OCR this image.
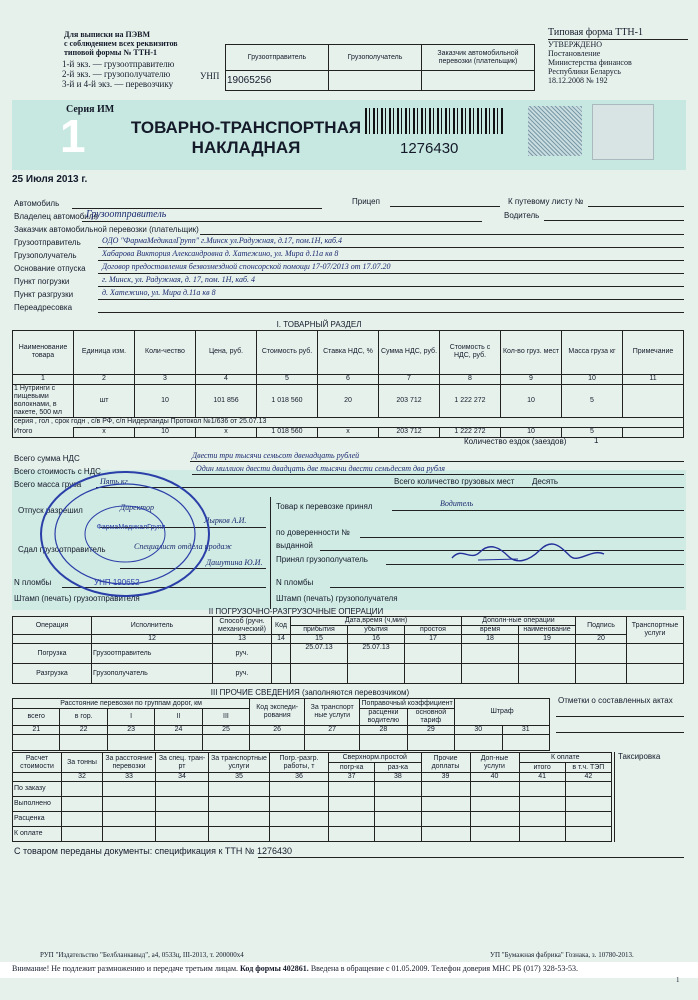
Для выписки на ПЭВМ
с соблюдением всех реквизитов
типовой формы № ТТН-1
1-й экз. — грузоотправителю
2-й экз. — грузополучателю
3-й и 4-й экз. — перевозчику
УНП
Грузоотправитель	Грузополучатель	Заказчик автомобильной перевозки (плательщик)
19065256		
Типовая форма ТТН-1
УТВЕРЖДЕНО
Постановление
Министерства финансов
Республики Беларусь
18.12.2008 № 192
Серия ИМ
1	ТОВАРНО-ТРАНСПОРТНАЯ
НАКЛАДНАЯ	1276430
25 Июля 2013 г.
Автомобиль	Прицеп	К путевому листу №
Владелец автомобиля
Грузоотправитель	Водитель
Заказчик автомобильной перевозки (плательщик)
Грузоотправитель	ОДО "ФармаМедикалГрупп" г.Минск ул.Радужная, д.17, пом.1Н, каб.4
Грузополучатель	Хабарова Виктория Александровна д. Хатежино, ул. Мира д.11а кв 8
Основание отпуска Договор предоставления безвозмездной спонсорской помощи 17-07/2013 от 17.07.20
Пункт погрузки	г. Минск, ул. Радужная, д. 17, пом. 1Н, каб. 4
Пункт разгрузки	д. Хатежино, ул. Мира д.11а кв 8
Переадресовка
I. ТОВАРНЫЙ РАЗДЕЛ

Наименование товара	Единица изм.	Коли-чество	Цена, руб.	Стоимость руб.	Ставка НДС, %	Сумма НДС, руб.	Стоимость с НДС, руб.	Кол-во груз. мест	Масса груза кг	Примечание
1	2	3	4	5	6	7	8	9	10	11
1 Нутринги с пищевыми волокнами, в пакете, 500 мл	шт	10	101 856	1 018 560	20	203 712	1 222 272	10	5	
серия , гол , срок годн , с/в РФ, с/п Нидерланды Протокол №1/636 от 25.07.13										
Итого	х	10	х	1 018 560	х	203 712	1 222 272	10	5	
Количество ездок (заездов)	1
Всего сумма НДС	Двести три тысячи семьсот двенадцать рублей
Всего стоимость с НДС	Один миллион двести двадцать две тысячи двести семьдесят два рубля
Всего масса груза Пять кг	Всего количество грузовых мест Десять
Отпуск разрешил	Директор
Лырков А.И.
Сдал грузоотправитель	Специалист отдела продаж
Дашутина Ю.И.
Товар к перевозке принял	Водитель
по доверенности №
выданной
Принял грузополучатель
N пломбы
Штамп (печать) грузоотправителя
N пломбы
Штамп (печать) грузополучателя
ФармаМедикалГрупп
УНП 190652
II ПОГРУЗОЧНО-РАЗГРУЗОЧНЫЕ ОПЕРАЦИИ
Операция	Исполнитель	Способ (ручн. механический)	Код	Дата,время (ч,мин)			Дополн-ные операции		Подпись	Транспортные услуги
				прибытия	убытия	простоя	время	наименование		
	12	13	14	15	16	17	18	19	20	
Погрузка	Грузоотправитель	руч.		25.07.13	25.07.13					
Разгрузка	Грузополучатель	руч.								
III ПРОЧИЕ СВЕДЕНИЯ (заполняются перевозчиком)
Отметки о составленных актах
Расстояние перевозки по группам дорог, км					Код экспеди-рования	За транспорт ные услуги	Поправочный коэффициент		Штраф	
всего	в гор.	I	II	III			расценки водителю	основной тариф		
21	22	23	24	25	26	27	28	29	30	31

Расчет стоимости	За тонны	За расстояние перевозки	За спец. тран-рт	За транспортные услуги	Погр.-разгр. работы, т	Сверхнорм.простой		Прочие доплаты	Доп-ные услуги	К оплате	
						погр-ка	раз-ка			итого	в т.ч. ТЭП
	32	33	34	35	36	37	38	39	40	41	42
По заказу											
Выполнено											
Расценка											
К оплате											
Таксировка
С товаром переданы документы: спецификация к ТТН № 1276430
РУП "Издательство "Белбланкавыд", а4, 0533ц, III-2013, т. 200000х4	УП "Бумажная фабрика" Гознака, з. 10780-2013.
Внимание! Не подлежит размножению и передаче третьим лицам. Код формы 402861. Введена в обращение с 01.05.2009. Телефон доверия МНС РБ (017) 328-53-53.
1
